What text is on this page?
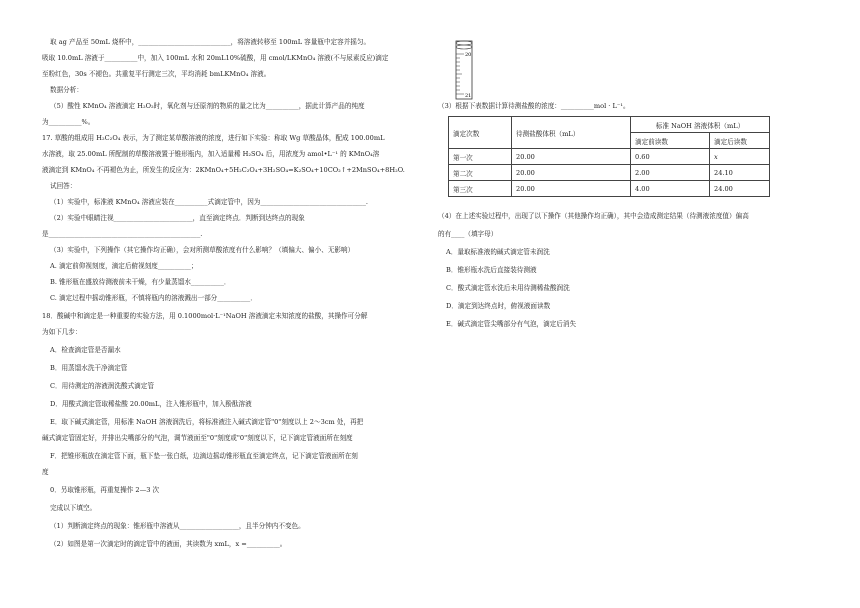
取 ag 产品至 50mL 烧杯中，____________________________，将溶液转移至 100mL 容量瓶中定容并摇匀。
吸取 10.0mL 溶液于__________中，加入 100mL 水和 20mL10%硫酸，用 cmol/LKMnO₄ 溶液(不与尿素反应)滴定
至粉红色，30s 不褪色。共重复平行测定三次，平均消耗 bmLKMnO₄ 溶液。
数据分析：
（5）酸性 KMnO₄ 溶液滴定 H₂O₂时，氧化剂与还原剂的物质的量之比为__________，据此计算产品的纯度
为__________%。
17. 草酸的组成用 H₂C₂O₄ 表示，为了测定某草酸溶液的浓度，进行如下实验：称取 Wg 草酸晶体，配成 100.00mL
水溶液，取 25.00mL 所配制的草酸溶液置于锥形瓶内，加入适量稀 H₂SO₄ 后，用浓度为 amol•L⁻¹ 的 KMnO₄溶
液滴定到 KMnO₄ 不再褪色为止，所发生的反应为：2KMnO₄+5H₂C₂O₄+3H₂SO₄=K₂SO₄+10CO₂↑+2MnSO₄+8H₂O.
试回答：
（1）实验中，标准液 KMnO₄ 溶液应装在__________式滴定管中，因为________________________________.
（2）实验中眼睛注视________________________，直至滴定终点．判断到达终点的现象
是______________________________________________.
（3）实验中，下列操作（其它操作均正确），会对所测草酸浓度有什么影响？（填偏大、偏小、无影响）
A. 滴定前仰视刻度，滴定后俯视刻度__________；
B. 锥形瓶在盛放待测液前未干燥，有少量蒸馏水__________．
C. 滴定过程中摇动锥形瓶，不慎将瓶内的溶液溅出一部分__________．
18．酸碱中和滴定是一种重要的实验方法，用 0.1000mol·L⁻¹NaOH 溶液滴定未知浓度的盐酸，其操作可分解
为如下几步：
A．检查滴定管是否漏水
B．用蒸馏水洗干净滴定管
C．用待测定的溶液润洗酸式滴定管
D．用酸式滴定管取稀盐酸 20.00mL，注入锥形瓶中，加入酚酞溶液
E．取下碱式滴定管，用标准 NaOH 溶液润洗后，将标准液注入碱式滴定管"0"刻度以上 2～3cm 处，再把
碱式滴定管固定好，并排出尖嘴部分的气泡，调节液面至"0"刻度或"0"刻度以下，记下滴定管液面所在刻度
F．把锥形瓶放在滴定管下面，瓶下垫一张白纸，边滴边摇动锥形瓶直至滴定终点，记下滴定管液面所在刻
度
0．另取锥形瓶，再重复操作 2—3 次
完成以下填空。
（1）判断滴定终点的现象：锥形瓶中溶液从__________________，且半分钟内不变色。
（2）如图是第一次滴定时的滴定管中的液面，其读数为 xmL，x =__________。
20
21
（3）根据下表数据计算待测盐酸的浓度：__________mol · L⁻¹。
滴定次数	待测盐酸体积（mL）	标准 NaOH 溶液体积（mL）	
		滴定前读数	滴定后读数
第一次	20.00	0.60	x
第二次	20.00	2.00	24.10
第三次	20.00	4.00	24.00
（4）在上述实验过程中，出现了以下操作（其他操作均正确），其中会造成测定结果（待测液浓度值）偏高
的有____（填字母）
A．量取标准液的碱式滴定管未润洗
B．锥形瓶水洗后直接装待测液
C．酸式滴定管水洗后未用待测稀盐酸润洗
D．滴定到达终点时，俯视液面读数
E．碱式滴定管尖嘴部分有气泡，滴定后消失
